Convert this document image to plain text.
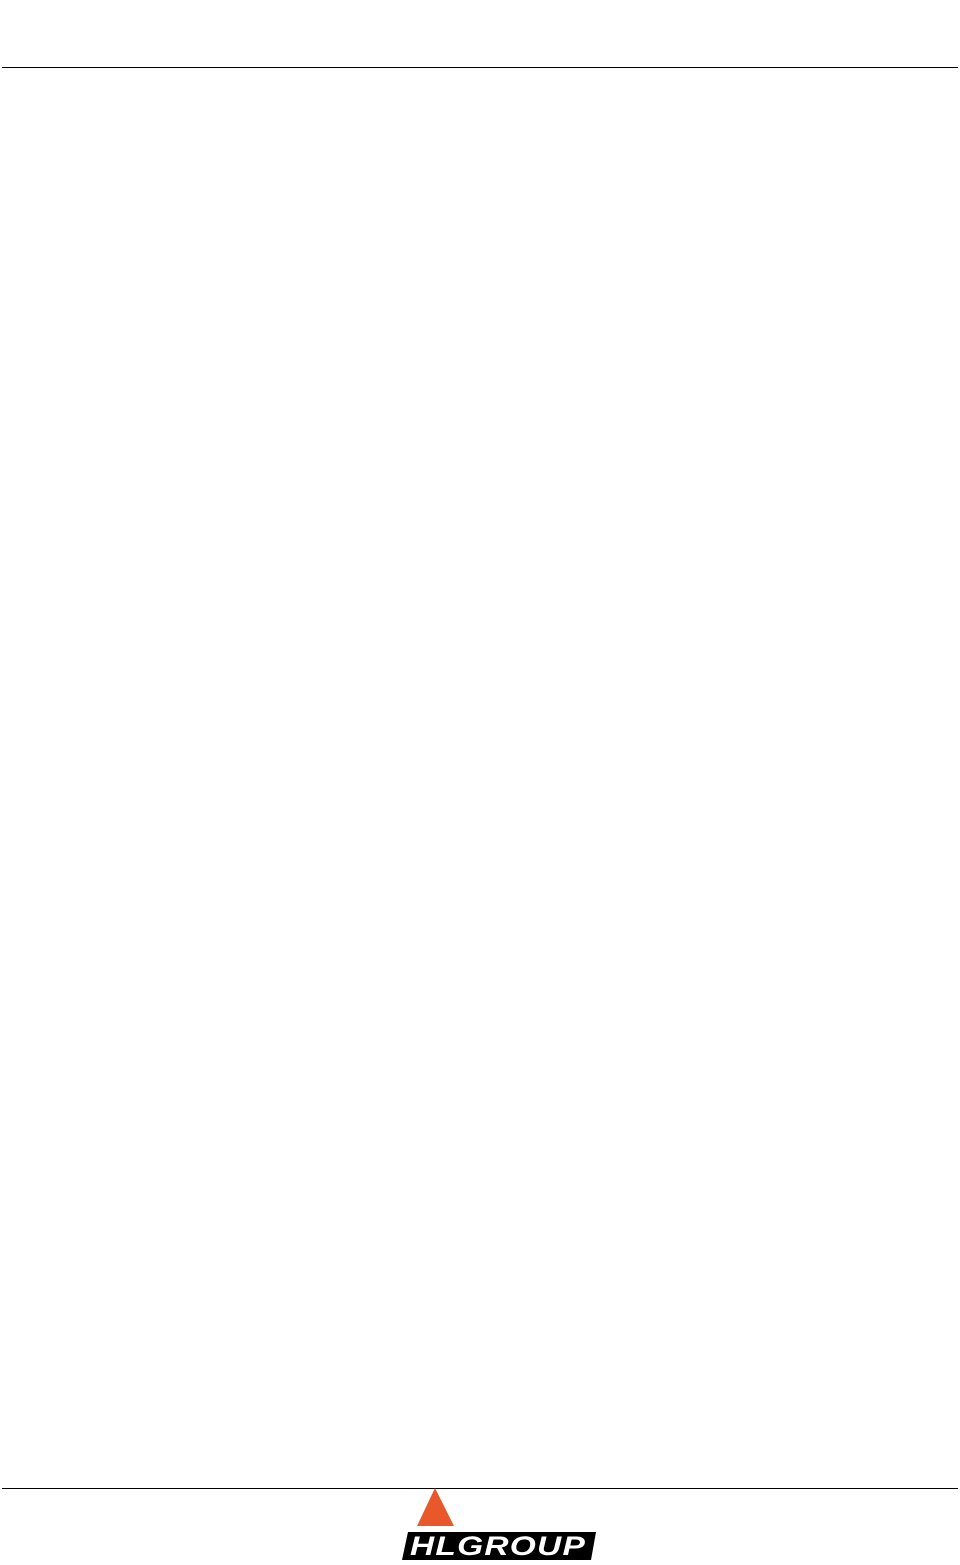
HLGROUP
